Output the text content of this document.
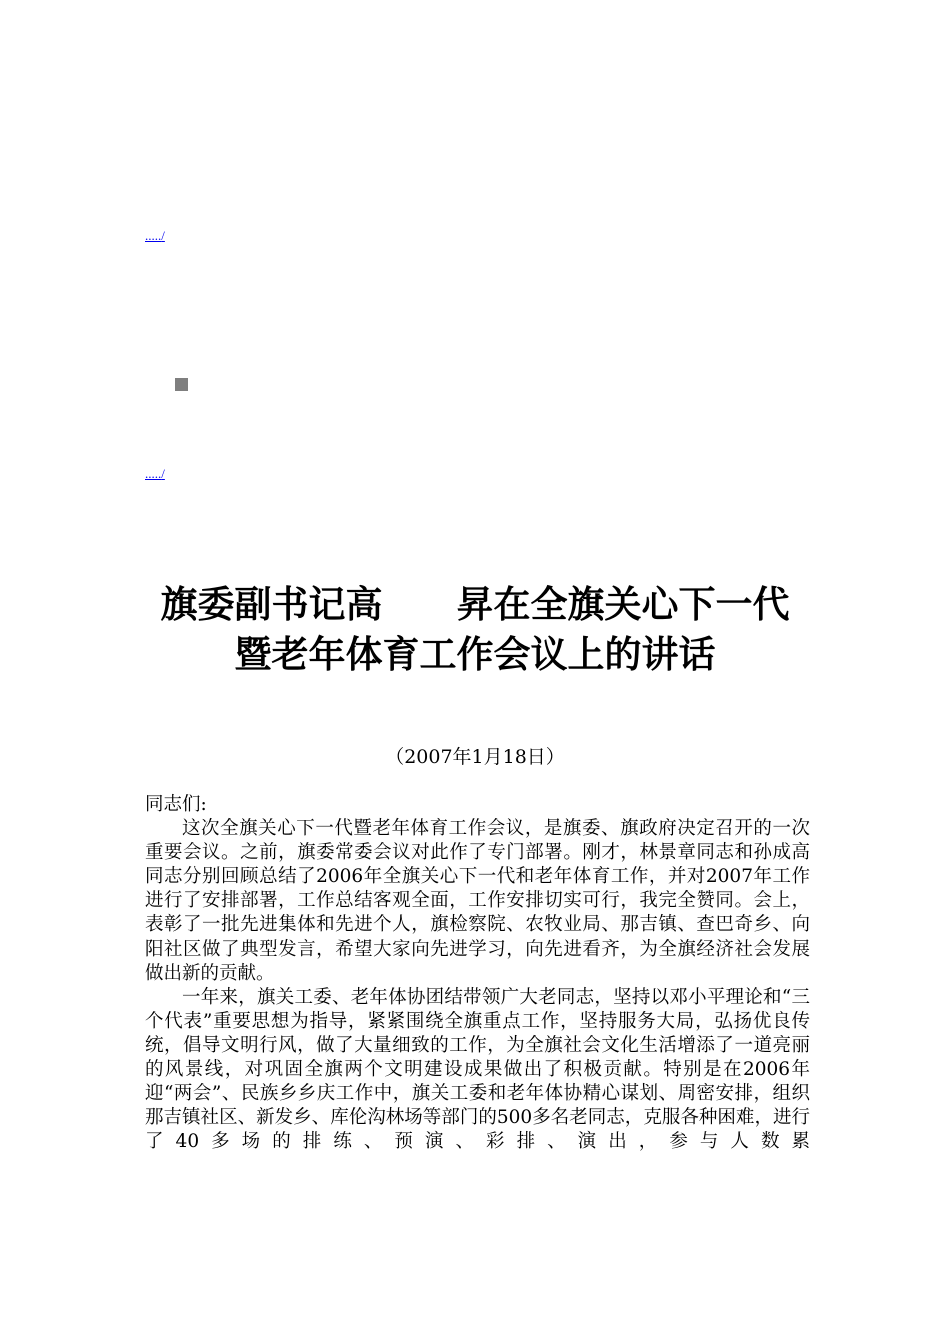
...../
...../
旗委副书记高　　昇在全旗关心下一代
暨老年体育工作会议上的讲话
（2007年1月18日）

同志们:

这次全旗关心下一代暨老年体育工作会议，是旗委、旗政府决定召开的一次重要会议。之前，旗委常委会议对此作了专门部署。刚才，林景章同志和孙成高同志分别回顾总结了2006年全旗关心下一代和老年体育工作，并对2007年工作进行了安排部署，工作总结客观全面，工作安排切实可行，我完全赞同。会上，表彰了一批先进集体和先进个人，旗检察院、农牧业局、那吉镇、查巴奇乡、向阳社区做了典型发言，希望大家向先进学习，向先进看齐，为全旗经济社会发展做出新的贡献。

一年来，旗关工委、老年体协团结带领广大老同志，坚持以邓小平理论和“三个代表”重要思想为指导，紧紧围绕全旗重点工作，坚持服务大局，弘扬优良传统，倡导文明行风，做了大量细致的工作，为全旗社会文化生活增添了一道亮丽的风景线，对巩固全旗两个文明建设成果做出了积极贡献。特别是在2006年迎“两会”、民族乡乡庆工作中，旗关工委和老年体协精心谋划、周密安排，组织那吉镇社区、新发乡、库伦沟林场等部门的500多名老同志，克服各种困难，进行了40多场的排练、预演、彩排、演出，参与人数累
